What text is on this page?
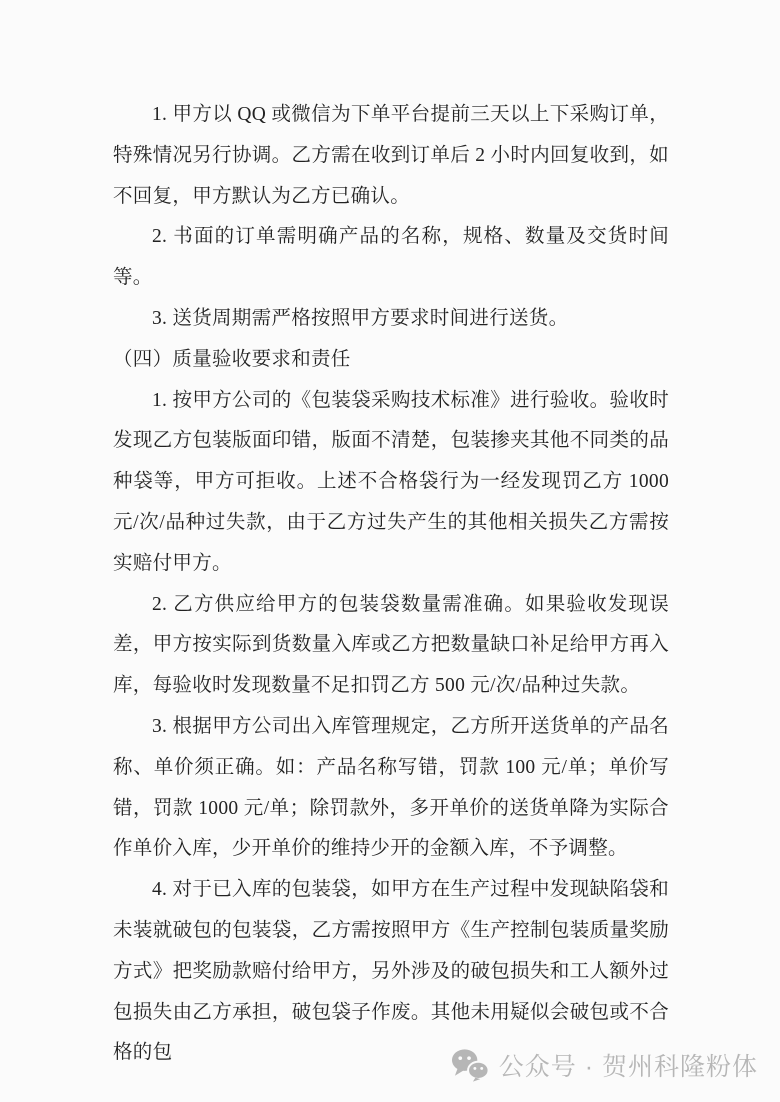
1. 甲方以 QQ 或微信为下单平台提前三天以上下采购订单，特殊情况另行协调。乙方需在收到订单后 2 小时内回复收到，如不回复，甲方默认为乙方已确认。

2. 书面的订单需明确产品的名称，规格、数量及交货时间等。

3. 送货周期需严格按照甲方要求时间进行送货。

（四）质量验收要求和责任

1. 按甲方公司的《包装袋采购技术标准》进行验收。验收时发现乙方包装版面印错，版面不清楚，包装掺夹其他不同类的品种袋等，甲方可拒收。上述不合格袋行为一经发现罚乙方 1000 元/次/品种过失款，由于乙方过失产生的其他相关损失乙方需按实赔付甲方。

2. 乙方供应给甲方的包装袋数量需准确。如果验收发现误差，甲方按实际到货数量入库或乙方把数量缺口补足给甲方再入库，每验收时发现数量不足扣罚乙方 500 元/次/品种过失款。

3. 根据甲方公司出入库管理规定，乙方所开送货单的产品名称、单价须正确。如：产品名称写错，罚款 100 元/单；单价写错，罚款 1000 元/单；除罚款外，多开单价的送货单降为实际合作单价入库，少开单价的维持少开的金额入库，不予调整。

4. 对于已入库的包装袋，如甲方在生产过程中发现缺陷袋和未装就破包的包装袋，乙方需按照甲方《生产控制包装质量奖励方式》把奖励款赔付给甲方，另外涉及的破包损失和工人额外过包损失由乙方承担，破包袋子作废。其他未用疑似会破包或不合格的包

公众号 · 贺州科隆粉体
